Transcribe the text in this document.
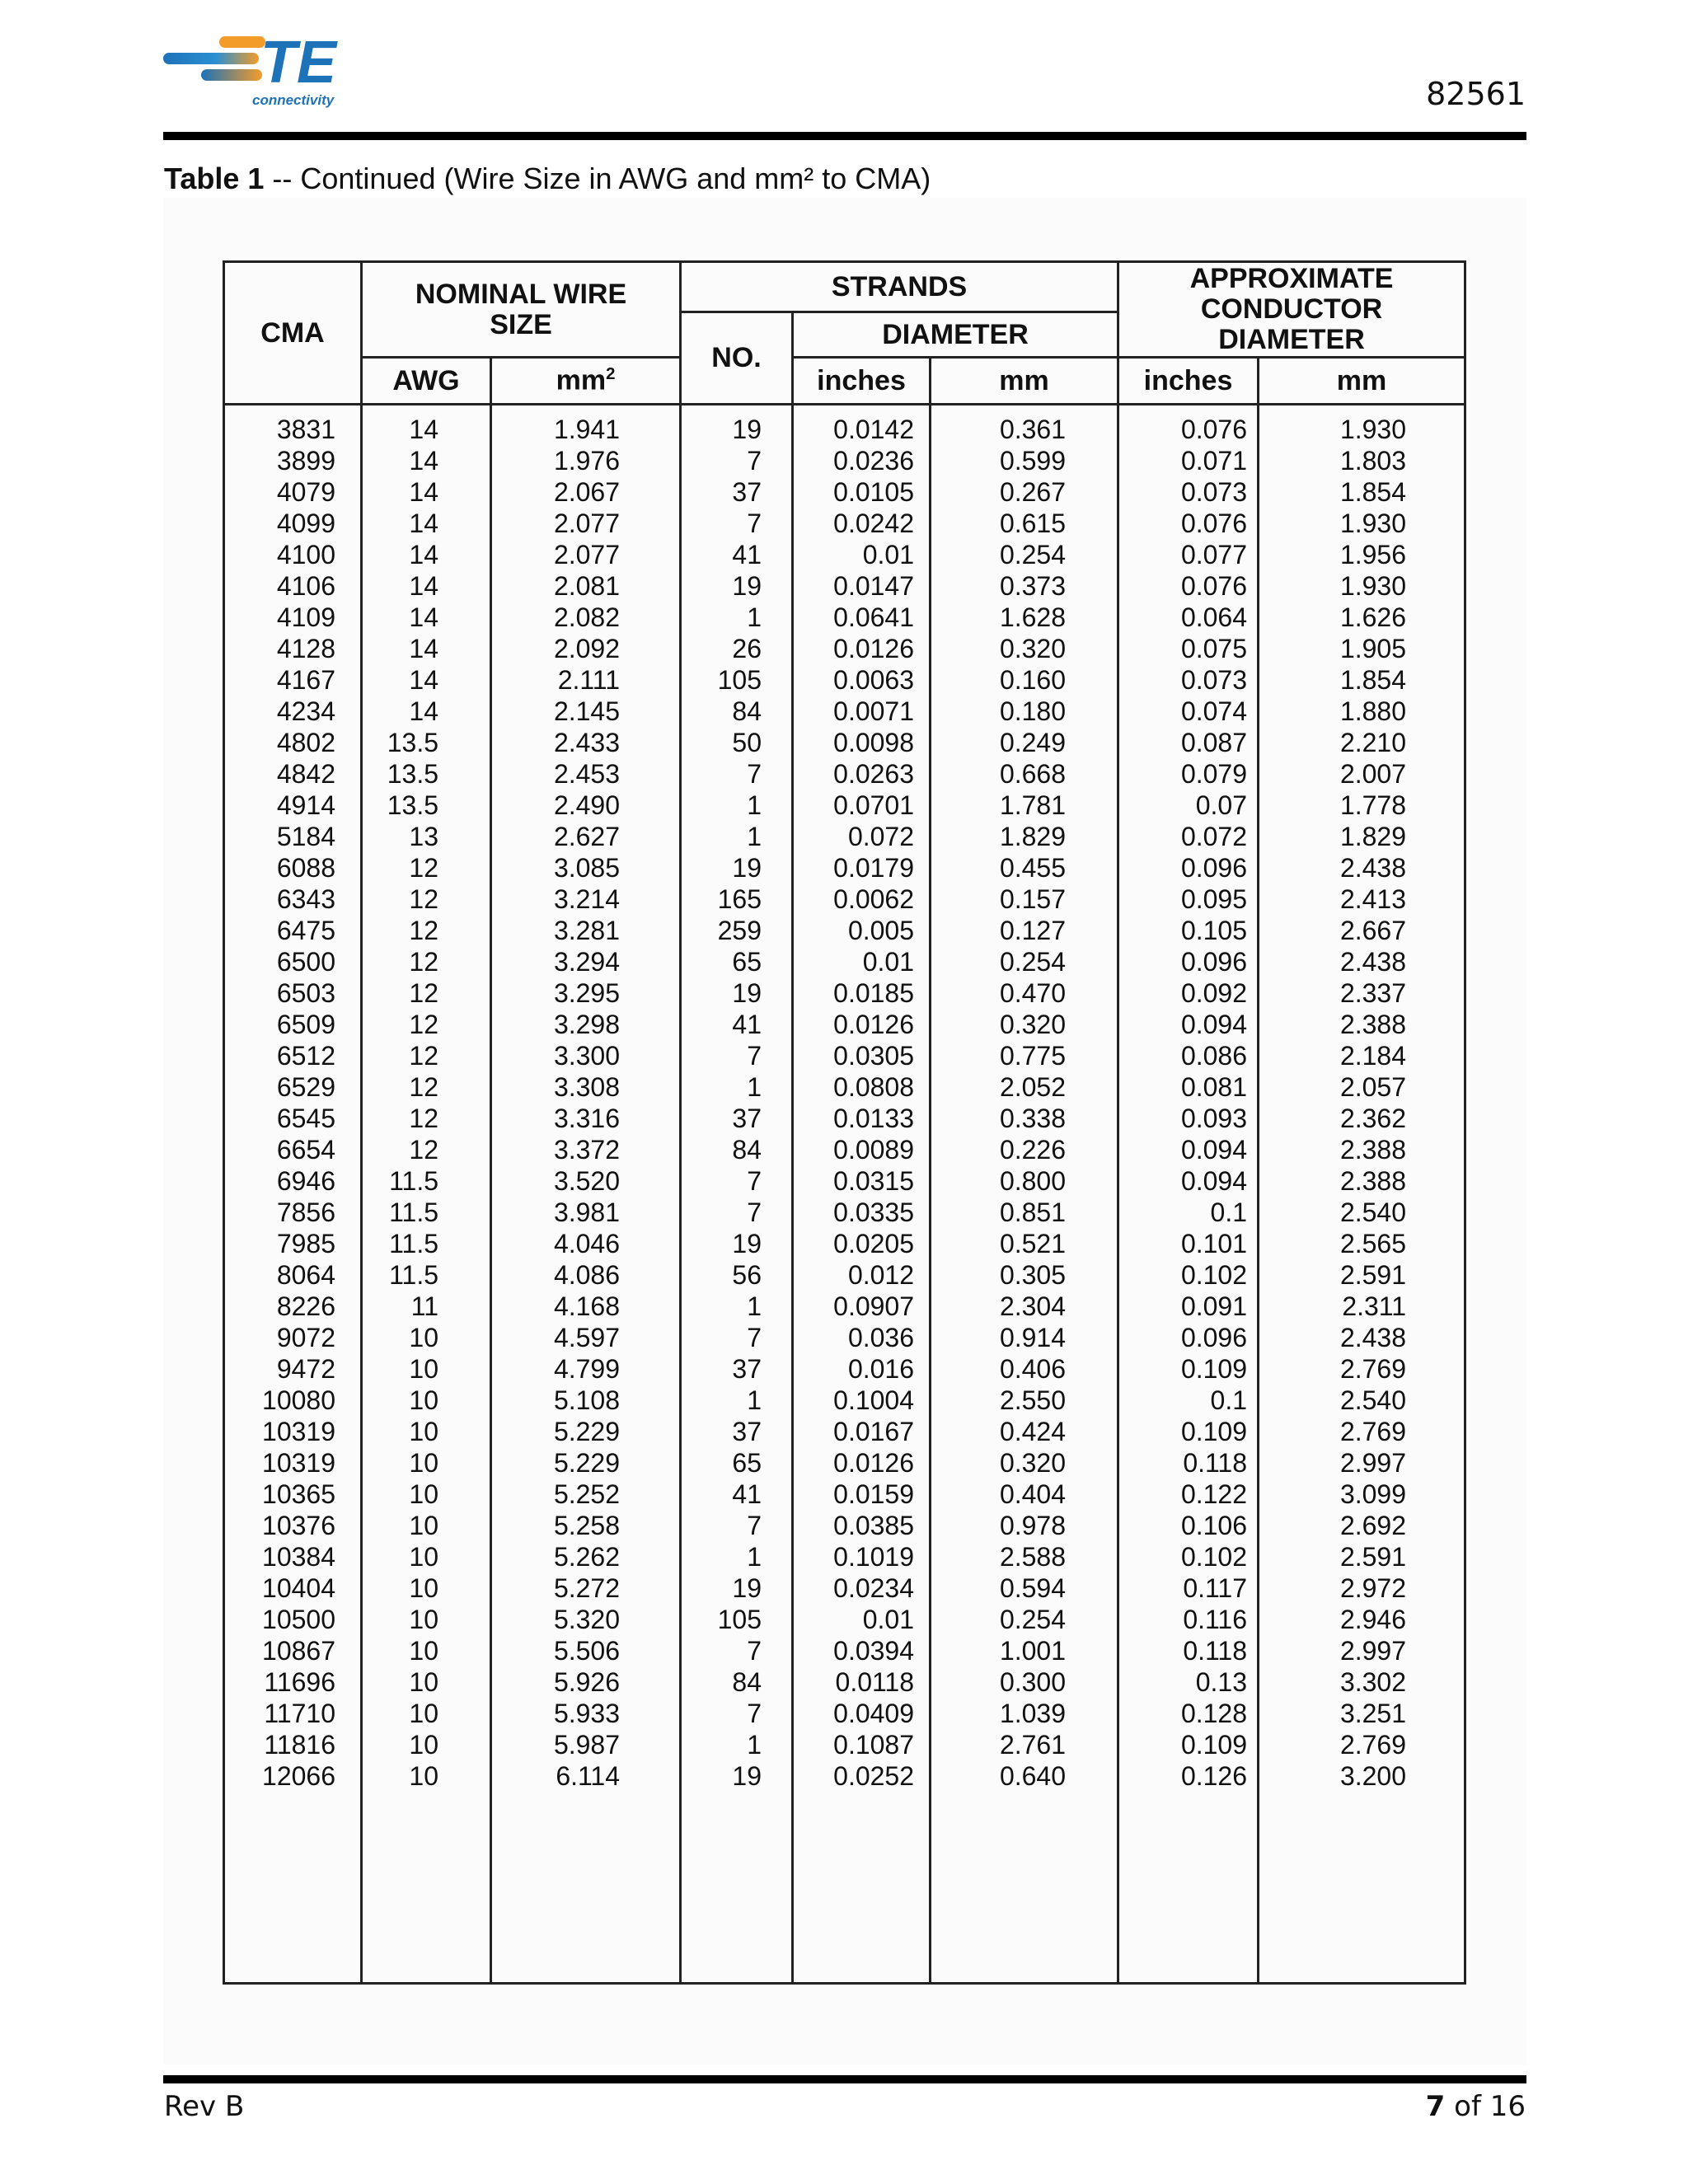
TE
connectivity	82561
Table 1 -- Continued (Wire Size in AWG and mm² to CMA)
CMA	NOMINAL WIRE SIZE		STRANDS			APPROXIMATE CONDUCTOR DIAMETER	
			NO.	DIAMETER			
	AWG	$mm^2$		inches	mm	inches	mm
3831	14	1.941	19	0.0142	0.361	0.076	1.930
3899	14	1.976	7	0.0236	0.599	0.071	1.803
4079	14	2.067	37	0.0105	0.267	0.073	1.854
4099	14	2.077	7	0.0242	0.615	0.076	1.930
4100	14	2.077	41	0.01	0.254	0.077	1.956
4106	14	2.081	19	0.0147	0.373	0.076	1.930
4109	14	2.082	1	0.0641	1.628	0.064	1.626
4128	14	2.092	26	0.0126	0.320	0.075	1.905
4167	14	2.111	105	0.0063	0.160	0.073	1.854
4234	14	2.145	84	0.0071	0.180	0.074	1.880
4802	13.5	2.433	50	0.0098	0.249	0.087	2.210
4842	13.5	2.453	7	0.0263	0.668	0.079	2.007
4914	13.5	2.490	1	0.0701	1.781	0.07	1.778
5184	13	2.627	1	0.072	1.829	0.072	1.829
6088	12	3.085	19	0.0179	0.455	0.096	2.438
6343	12	3.214	165	0.0062	0.157	0.095	2.413
6475	12	3.281	259	0.005	0.127	0.105	2.667
6500	12	3.294	65	0.01	0.254	0.096	2.438
6503	12	3.295	19	0.0185	0.470	0.092	2.337
6509	12	3.298	41	0.0126	0.320	0.094	2.388
6512	12	3.300	7	0.0305	0.775	0.086	2.184
6529	12	3.308	1	0.0808	2.052	0.081	2.057
6545	12	3.316	37	0.0133	0.338	0.093	2.362
6654	12	3.372	84	0.0089	0.226	0.094	2.388
6946	11.5	3.520	7	0.0315	0.800	0.094	2.388
7856	11.5	3.981	7	0.0335	0.851	0.1	2.540
7985	11.5	4.046	19	0.0205	0.521	0.101	2.565
8064	11.5	4.086	56	0.012	0.305	0.102	2.591
8226	11	4.168	1	0.0907	2.304	0.091	2.311
9072	10	4.597	7	0.036	0.914	0.096	2.438
9472	10	4.799	37	0.016	0.406	0.109	2.769
10080	10	5.108	1	0.1004	2.550	0.1	2.540
10319	10	5.229	37	0.0167	0.424	0.109	2.769
10319	10	5.229	65	0.0126	0.320	0.118	2.997
10365	10	5.252	41	0.0159	0.404	0.122	3.099
10376	10	5.258	7	0.0385	0.978	0.106	2.692
10384	10	5.262	1	0.1019	2.588	0.102	2.591
10404	10	5.272	19	0.0234	0.594	0.117	2.972
10500	10	5.320	105	0.01	0.254	0.116	2.946
10867	10	5.506	7	0.0394	1.001	0.118	2.997
11696	10	5.926	84	0.0118	0.300	0.13	3.302
11710	10	5.933	7	0.0409	1.039	0.128	3.251
11816	10	5.987	1	0.1087	2.761	0.109	2.769
12066	10	6.114	19	0.0252	0.640	0.126	3.200

Rev B	7 of 16
